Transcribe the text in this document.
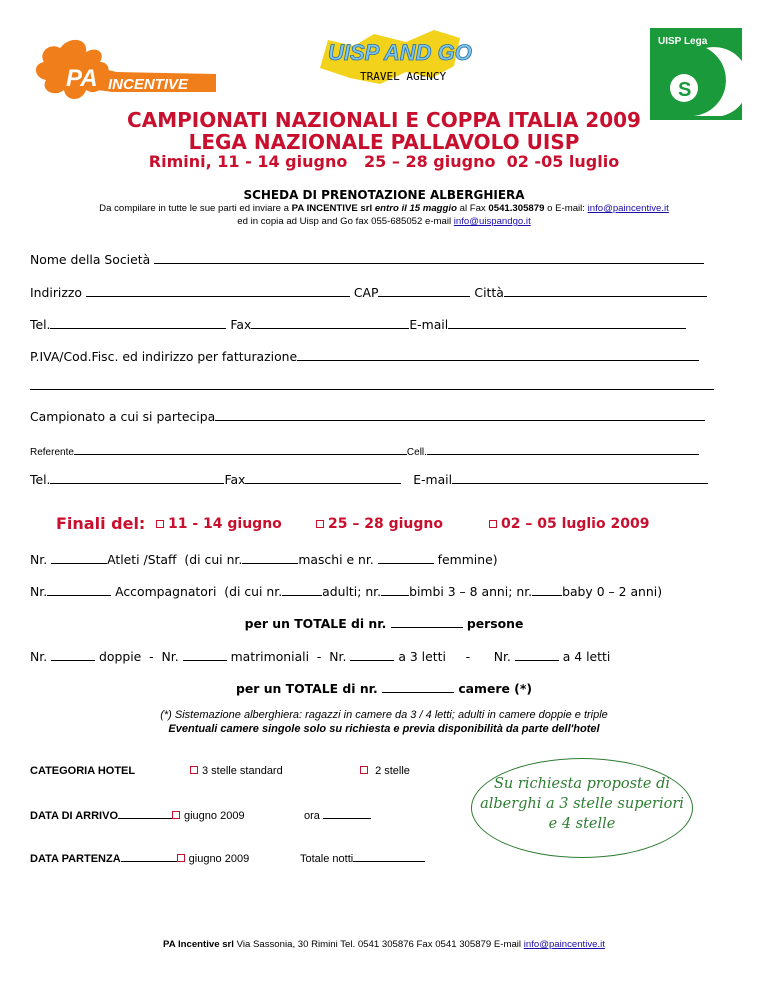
PA INCENTIVE
UISP AND GO
TRAVEL AGENCY
UISP Lega
S	Pallavolo
CAMPIONATI NAZIONALI E COPPA ITALIA 2009
LEGA NAZIONALE PALLAVOLO UISP
Rimini, 11 - 14 giugno   25 – 28 giugno  02 -05 luglio
SCHEDA DI PRENOTAZIONE ALBERGHIERA
Da compilare in tutte le sue parti ed inviare a PA INCENTIVE srl entro il 15 maggio al Fax 0541.305879 o E-mail: info@paincentive.it
ed in copia ad Uisp and Go fax 055-685052 e-mail info@uispandgo.it
Nome della Società
Indirizzo	CAP	Città
Tel.	Fax	E-mail
P.IVA/Cod.Fisc. ed indirizzo per fatturazione
Campionato a cui si partecipa
Referente	Cell.
Tel.	Fax	E-mail
Finali del:	11 - 14 giugno	25 – 28 giugno	02 – 05 luglio 2009
Nr.	Atleti /Staff  (di cui nr.	maschi e nr.	femmine)
Nr.	Accompagnatori  (di cui nr.	adulti; nr. bimbi 3 – 8 anni; nr. baby 0 – 2 anni)
per un TOTALE di nr.	persone
Nr.	doppie  -  Nr.	matrimoniali  -  Nr.	a 3 letti     -      Nr.	a 4 letti
per un TOTALE di nr.	camere (*)
(*) Sistemazione alberghiera: ragazzi in camere da 3 / 4 letti; adulti in camere doppie e triple
Eventuali camere singole solo su richiesta e previa disponibilità da parte dell'hotel
CATEGORIA HOTEL	3 stelle standard	2 stelle
DATA DI ARRIVO	giugno 2009	ora
DATA PARTENZA	giugno 2009	Totale notti
Su richiesta proposte di
alberghi a 3 stelle superiori
e 4 stelle
PA Incentive srl Via Sassonia, 30 Rimini Tel. 0541 305876 Fax 0541 305879 E-mail info@paincentive.it
